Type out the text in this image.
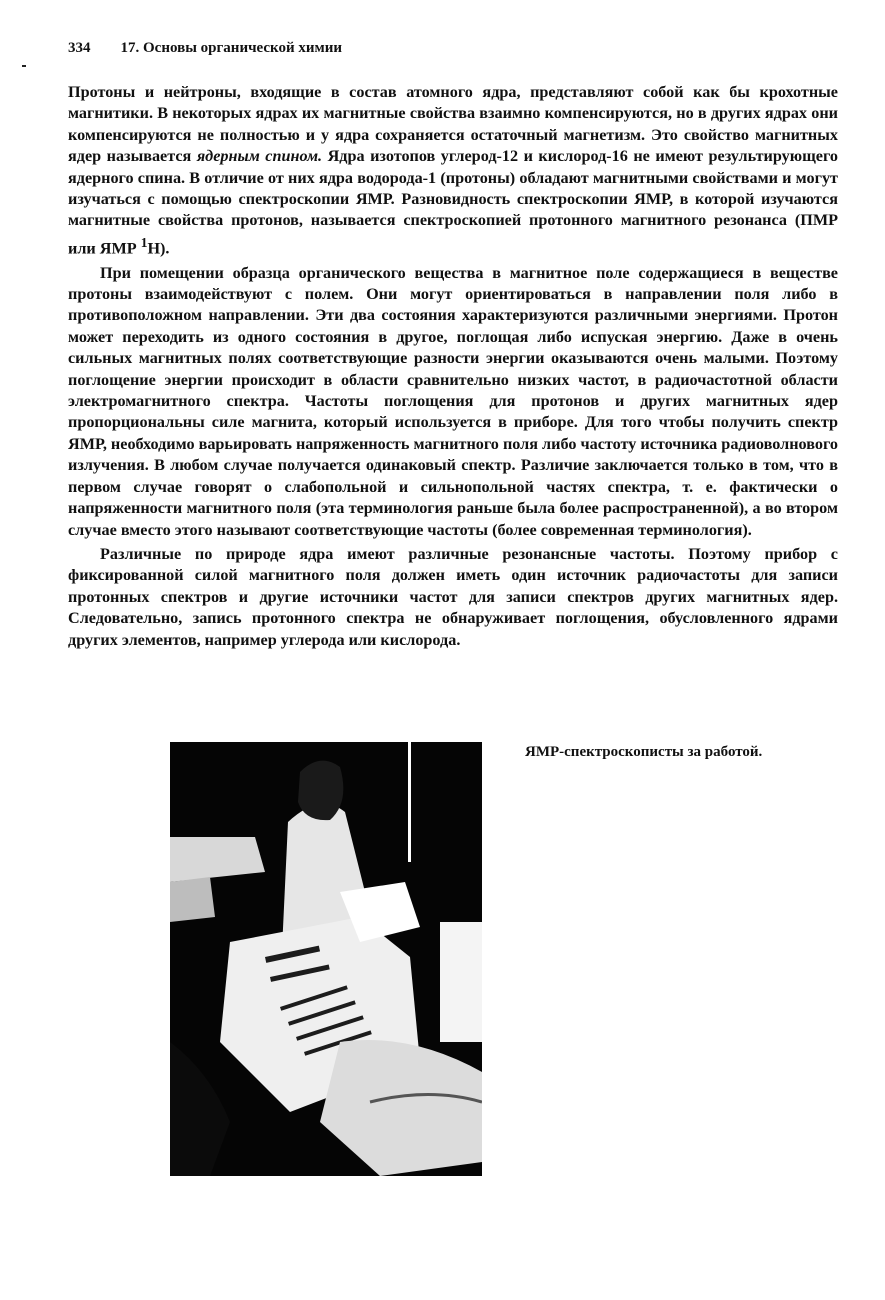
334 17. Основы органической химии

Протоны и нейтроны, входящие в состав атомного ядра, представляют собой как бы крохотные магнитики. В некоторых ядрах их магнитные свойства взаимно компенсируются, но в других ядрах они компенсируются не полностью и у ядра сохраняется остаточный магнетизм. Это свойство магнитных ядер называется ядерным спином. Ядра изотопов углерод-12 и кислород-16 не имеют результирующего ядерного спина. В отличие от них ядра водорода-1 (протоны) обладают магнитными свойствами и могут изучаться с помощью спектроскопии ЯМР. Разновидность спектроскопии ЯМР, в которой изучаются магнитные свойства протонов, называется спектроскопией протонного магнитного резонанса (ПМР или ЯМР $^1$Н).

При помещении образца органического вещества в магнитное поле содержащиеся в веществе протоны взаимодействуют с полем. Они могут ориентироваться в направлении поля либо в противоположном направлении. Эти два состояния характеризуются различными энергиями. Протон может переходить из одного состояния в другое, поглощая либо испуская энергию. Даже в очень сильных магнитных полях соответствующие разности энергии оказываются очень малыми. Поэтому поглощение энергии происходит в области сравнительно низких частот, в радиочастотной области электромагнитного спектра. Частоты поглощения для протонов и других магнитных ядер пропорциональны силе магнита, который используется в приборе. Для того чтобы получить спектр ЯМР, необходимо варьировать напряженность магнитного поля либо частоту источника радиоволнового излучения. В любом случае получается одинаковый спектр. Различие заключается только в том, что в первом случае говорят о слабопольной и сильнопольной частях спектра, т. е. фактически о напряженности магнитного поля (эта терминология раньше была более распространенной), а во втором случае вместо этого называют соответствующие частоты (более современная терминология).

Различные по природе ядра имеют различные резонансные частоты. Поэтому прибор с фиксированной силой магнитного поля должен иметь один источник радиочастоты для записи протонных спектров и другие источники частот для записи спектров других магнитных ядер. Следовательно, запись протонного спектра не обнаруживает поглощения, обусловленного ядрами других элементов, например углерода или кислорода.

ЯМР-спектроскописты за работой.
